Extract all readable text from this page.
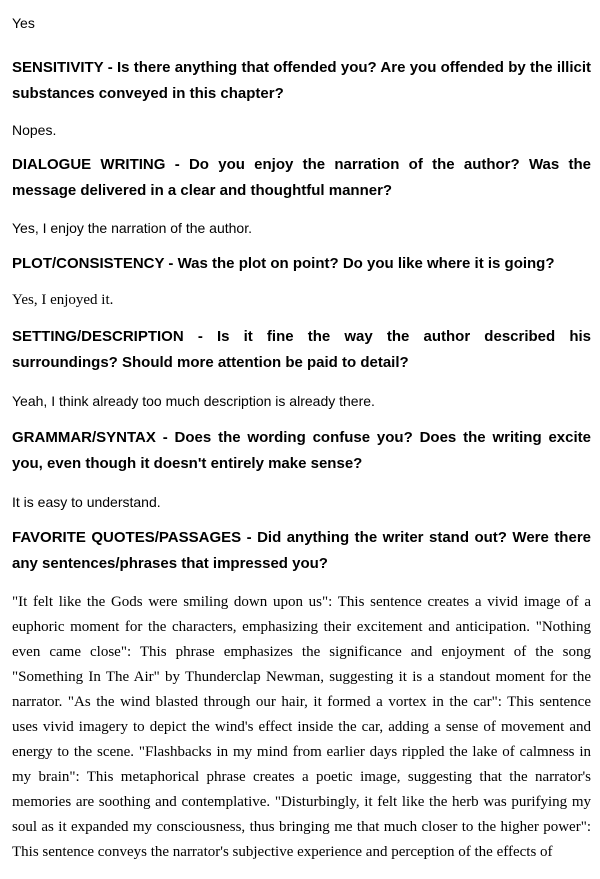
Yes

SENSITIVITY - Is there anything that offended you? Are you offended by the illicit substances conveyed in this chapter?

Nopes.

DIALOGUE WRITING - Do you enjoy the narration of the author? Was the message delivered in a clear and thoughtful manner?

Yes, I enjoy the narration of the author.

PLOT/CONSISTENCY - Was the plot on point? Do you like where it is going?

Yes, I enjoyed it.

SETTING/DESCRIPTION - Is it fine the way the author described his surroundings? Should more attention be paid to detail?

Yeah, I think already too much description is already there.

GRAMMAR/SYNTAX - Does the wording confuse you? Does the writing excite you, even though it doesn't entirely make sense?

It is easy to understand.

FAVORITE QUOTES/PASSAGES - Did anything the writer stand out? Were there any sentences/phrases that impressed you?

"It felt like the Gods were smiling down upon us": This sentence creates a vivid image of a euphoric moment for the characters, emphasizing their excitement and anticipation. "Nothing even came close": This phrase emphasizes the significance and enjoyment of the song "Something In The Air" by Thunderclap Newman, suggesting it is a standout moment for the narrator. "As the wind blasted through our hair, it formed a vortex in the car": This sentence uses vivid imagery to depict the wind's effect inside the car, adding a sense of movement and energy to the scene. "Flashbacks in my mind from earlier days rippled the lake of calmness in my brain": This metaphorical phrase creates a poetic image, suggesting that the narrator's memories are soothing and contemplative. "Disturbingly, it felt like the herb was purifying my soul as it expanded my consciousness, thus bringing me that much closer to the higher power": This sentence conveys the narrator's subjective experience and perception of the effects of
